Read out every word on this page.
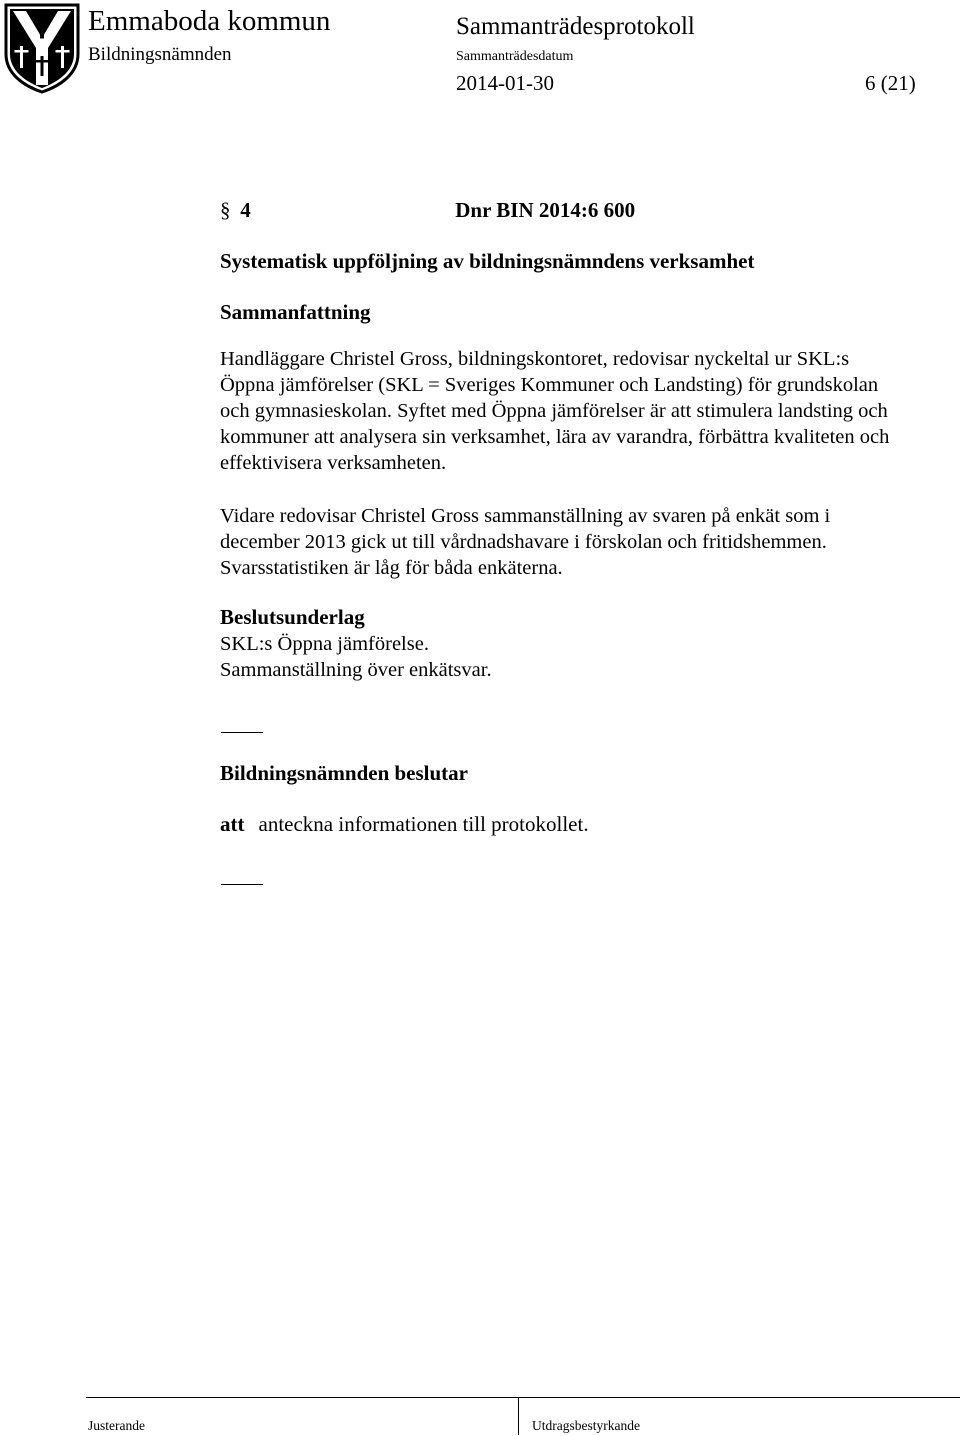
Emmaboda kommun
Bildningsnämnden
Sammanträdesprotokoll
Sammanträdesdatum
2014-01-30	6 (21)
§ 4	Dnr BIN 2014:6 600
Systematisk uppföljning av bildningsnämndens verksamhet
Sammanfattning
Handläggare Christel Gross, bildningskontoret, redovisar nyckeltal ur SKL:s
Öppna jämförelser (SKL = Sveriges Kommuner och Landsting) för grundskolan
och gymnasieskolan. Syftet med Öppna jämförelser är att stimulera landsting och
kommuner att analysera sin verksamhet, lära av varandra, förbättra kvaliteten och
effektivisera verksamheten.
Vidare redovisar Christel Gross sammanställning av svaren på enkät som i
december 2013 gick ut till vårdnadshavare i förskolan och fritidshemmen.
Svarsstatistiken är låg för båda enkäterna.
Beslutsunderlag
SKL:s Öppna jämförelse.
Sammanställning över enkätsvar.
Bildningsnämnden beslutar
att anteckna informationen till protokollet.
Justerande	Utdragsbestyrkande
